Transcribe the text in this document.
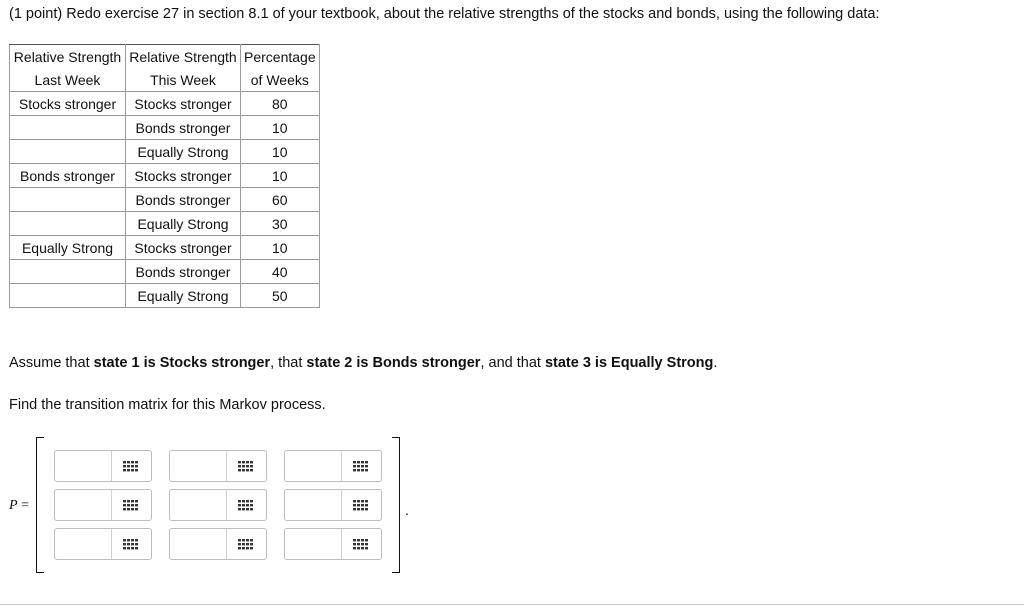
(1 point) Redo exercise 27 in section 8.1 of your textbook, about the relative strengths of the stocks and bonds, using the following data:
Relative Strength	Relative Strength	Percentage
Last Week	This Week	of Weeks
Stocks stronger	Stocks stronger	80
	Bonds stronger	10
	Equally Strong	10
Bonds stronger	Stocks stronger	10
	Bonds stronger	60
	Equally Strong	30
Equally Strong	Stocks stronger	10
	Bonds stronger	40
	Equally Strong	50
Assume that state 1 is Stocks stronger, that state 2 is Bonds stronger, and that state 3 is Equally Strong.
Find the transition matrix for this Markov process.
P =	.
